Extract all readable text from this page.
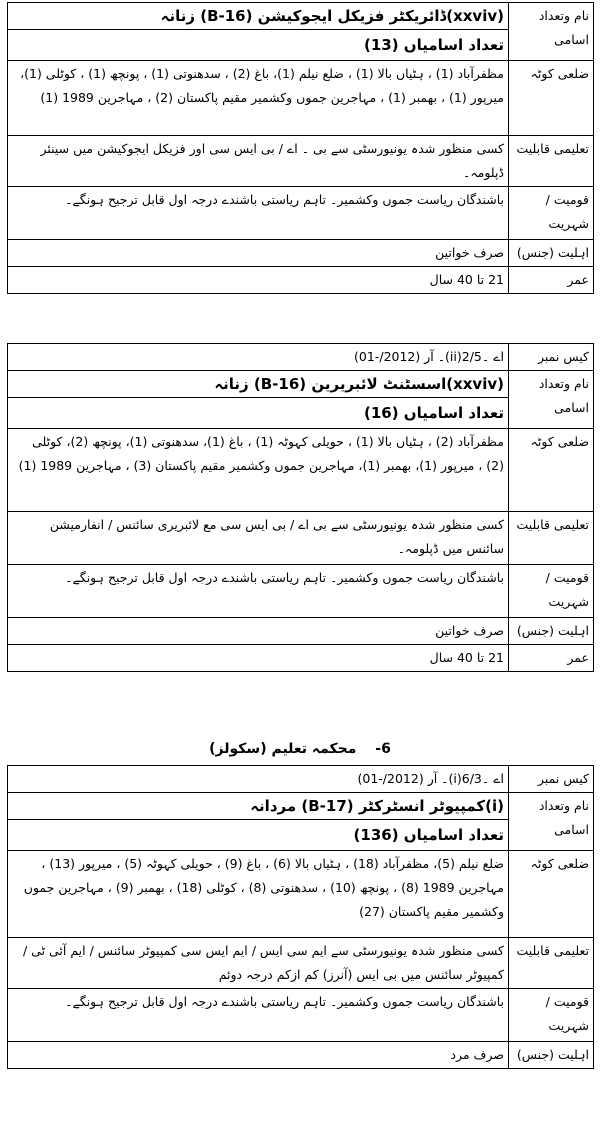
نام وتعداد
اسامی	(xxviv)ڈائریکٹر فزیکل ایجوکیشن (B-16) زنانہ

	تعداد اسامیاں (13)

ضلعی کوٹہ	مظفرآباد (1) ، ہٹیاں بالا (1) ، ضلع نیلم (1)، باغ (2) ، سدھنوتی (1) ، پونچھ (1) ، کوٹلی (1)، میرپور (1) ، بھمبر (1) ، مہاجرین جموں وکشمیر مقیم پاکستان (2) ، مہاجرین 1989 (1)
تعلیمی قابلیت	کسی منظور شدہ یونیورسٹی سے بی ۔ اے / بی ایس سی اور فزیکل ایجوکیشن میں سینئر ڈپلومہ۔
قومیت /شہریت	باشندگان ریاست جموں وکشمیر۔ تاہم ریاستی باشندے درجہ اول قابل ترجیح ہونگے۔
اہلیت (جنس)	صرف خواتین
عمر	21 تا 40 سال
کیس نمبر	اے ۔2/5(ii)۔ آر (2012/-01)
نام وتعداد
اسامی	(xxviv)اسسٹنٹ لائبریرین (B-16) زنانہ

	تعداد اسامیاں (16)

ضلعی کوٹہ	مظفرآباد (2) ، ہٹیاں بالا (1) ، حویلی کہوٹہ (1) ، باغ (1)، سدھنوتی (1)، پونچھ (2)، کوٹلی (2) ، میرپور (1)، بھمبر (1)، مہاجرین جموں وکشمیر مقیم پاکستان (3) ، مہاجرین 1989 (1)
تعلیمی قابلیت	کسی منظور شدہ یونیورسٹی سے بی اے / بی ایس سی مع لائبریری سائنس / انفارمیشن سائنس میں ڈپلومہ۔
قومیت /شہریت	باشندگان ریاست جموں وکشمیر۔ تاہم ریاستی باشندے درجہ اول قابل ترجیح ہونگے۔
اہلیت (جنس)	صرف خواتین
عمر	21 تا 40 سال
-6 محکمہ تعلیم (سکولز)
کیس نمبر	اے ۔6/3(i)۔ آر (2012/-01)
نام وتعداد
اسامی	(i)کمپیوٹر انسٹرکٹر (B-17) مردانہ

	تعداد اسامیاں (136)

ضلعی کوٹہ	ضلع نیلم (5)، مظفرآباد (18) ، ہٹیاں بالا (6) ، باغ (9) ، حویلی کہوٹہ (5) ، میرپور (13) ، مہاجرین 1989 (8) ، پونچھ (10) ، سدھنوتی (8) ، کوٹلی (18) ، بھمبر (9) ، مہاجرین جموں وکشمیر مقیم پاکستان (27)
تعلیمی قابلیت	کسی منظور شدہ یونیورسٹی سے ایم سی ایس / ایم ایس سی کمپیوٹر سائنس / ایم آئی ٹی / کمپیوٹر سائنس میں بی ایس (آنرز) کم ازکم درجہ دوئم
قومیت /شہریت	باشندگان ریاست جموں وکشمیر۔ تاہم ریاستی باشندے درجہ اول قابل ترجیح ہونگے۔
اہلیت (جنس)	صرف مرد
